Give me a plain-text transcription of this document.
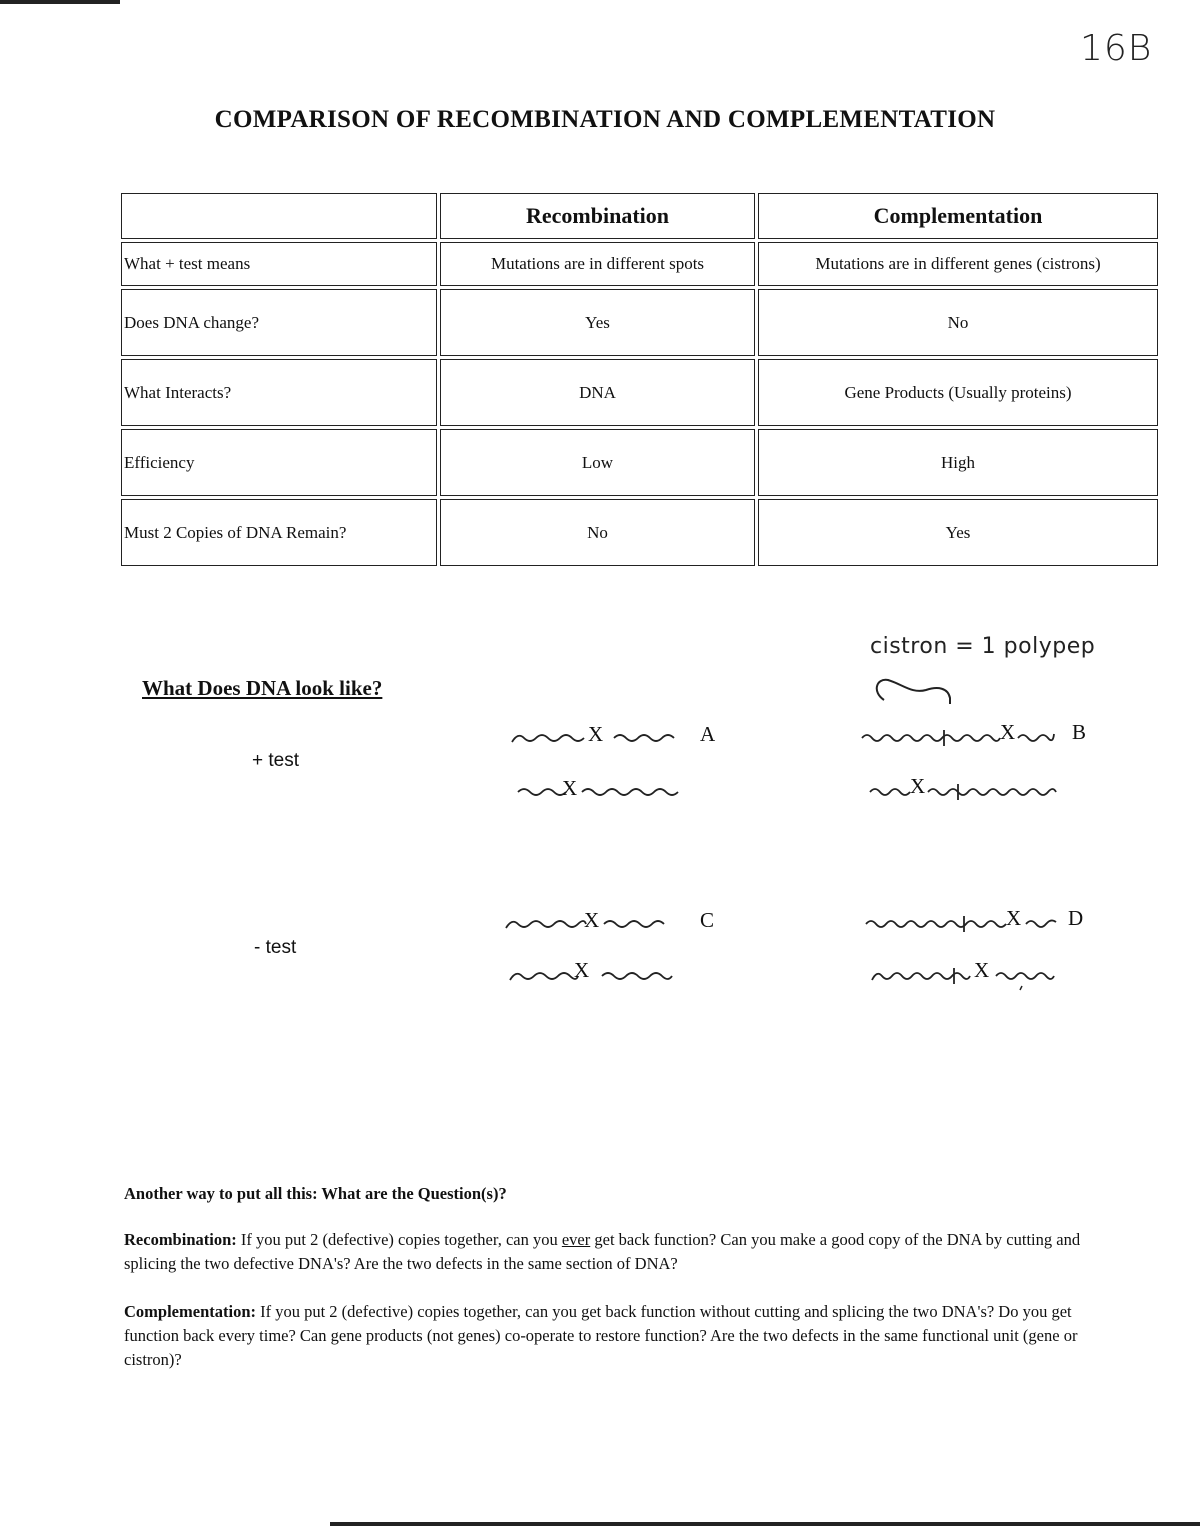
16B
COMPARISON OF RECOMBINATION AND COMPLEMENTATION
	Recombination	Complementation
What + test means	Mutations are in different spots	Mutations are in different genes (cistrons)
Does DNA change?	Yes	No
What Interacts?	DNA	Gene Products (Usually proteins)
Efficiency	Low	High
Must 2 Copies of DNA Remain?	No	Yes
cistron = 1 polypep
What Does DNA look like?
+ test
- test
X
X
A	X
X
B
X
X
C	X
X
D
Another way to put all this: What are the Question(s)?
Recombination: If you put 2 (defective) copies together, can you ever get back function? Can you make a good copy of the DNA by cutting and splicing the two defective DNA's? Are the two defects in the same section of DNA?
Complementation: If you put 2 (defective) copies together, can you get back function without cutting and splicing the two DNA's? Do you get function back every time? Can gene products (not genes) co-operate to restore function? Are the two defects in the same functional unit (gene or cistron)?
